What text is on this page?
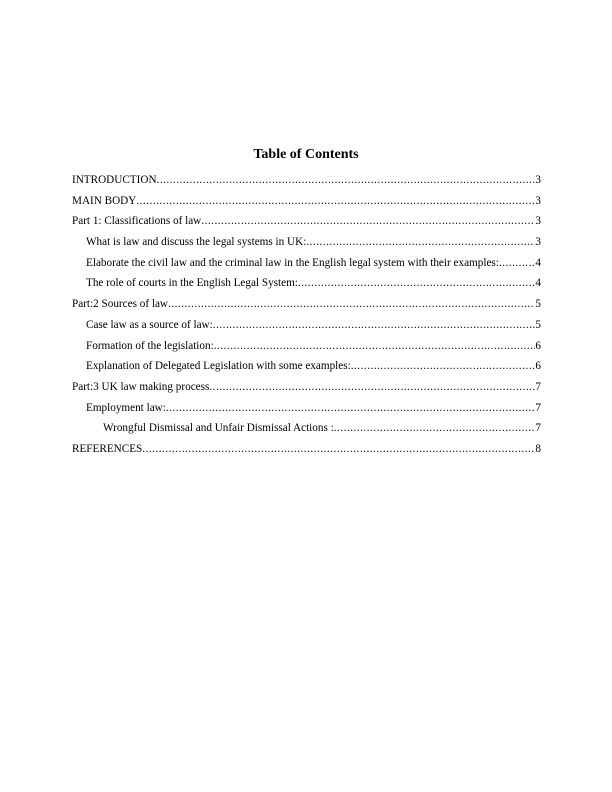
Table of Contents
INTRODUCTION .....	3
MAIN BODY .....	3
Part 1: Classifications of law .....	3
What is law and discuss the legal systems in UK: .....	3
Elaborate the civil law and the criminal law in the English legal system with their examples: .....	4
The role of courts in the English Legal System: .....	4
Part:2 Sources of law .....	5
Case law as a source of law: .....	5
Formation of the legislation: .....	6
Explanation of Delegated Legislation with some examples: .....	6
Part:3 UK law making process .....	7
Employment law: .....	7
Wrongful Dismissal and Unfair Dismissal Actions : .....	7
REFERENCES .....	8
